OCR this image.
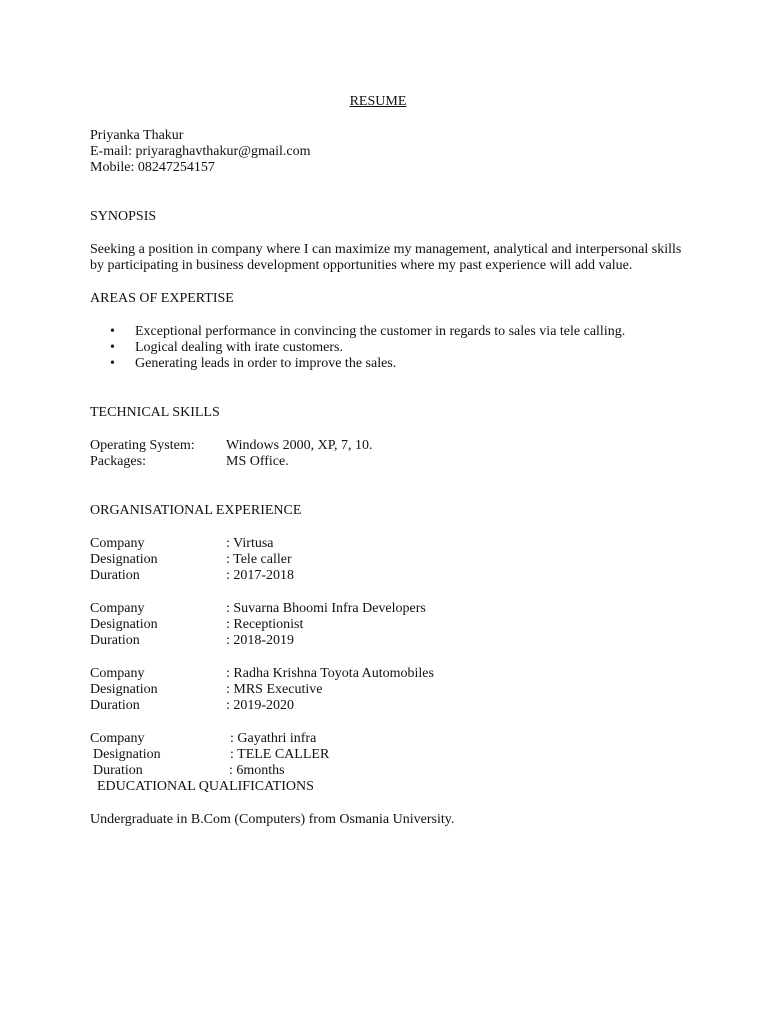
RESUME

Priyanka Thakur

E-mail: priyaraghavthakur@gmail.com

Mobile: 08247254157

SYNOPSIS

Seeking a position in company where I can maximize my management, analytical and interpersonal skills

by participating in business development opportunities where my past experience will add value.

AREAS OF EXPERTISE

• Exceptional performance in convincing the customer in regards to sales via tele calling.
• Logical dealing with irate customers.
• Generating leads in order to improve the sales.

TECHNICAL SKILLS

Operating System:	Windows 2000, XP, 7, 10.
Packages:	MS Office.

ORGANISATIONAL EXPERIENCE

Company	: Virtusa
Designation	: Tele caller
Duration	: 2017-2018
Company	: Suvarna Bhoomi Infra Developers
Designation	: Receptionist
Duration	: 2018-2019
Company	: Radha Krishna Toyota Automobiles
Designation	: MRS Executive
Duration	: 2019-2020
Company	: Gayathri infra
Designation	: TELE CALLER
Duration	: 6months

EDUCATIONAL QUALIFICATIONS

Undergraduate in B.Com (Computers) from Osmania University.
